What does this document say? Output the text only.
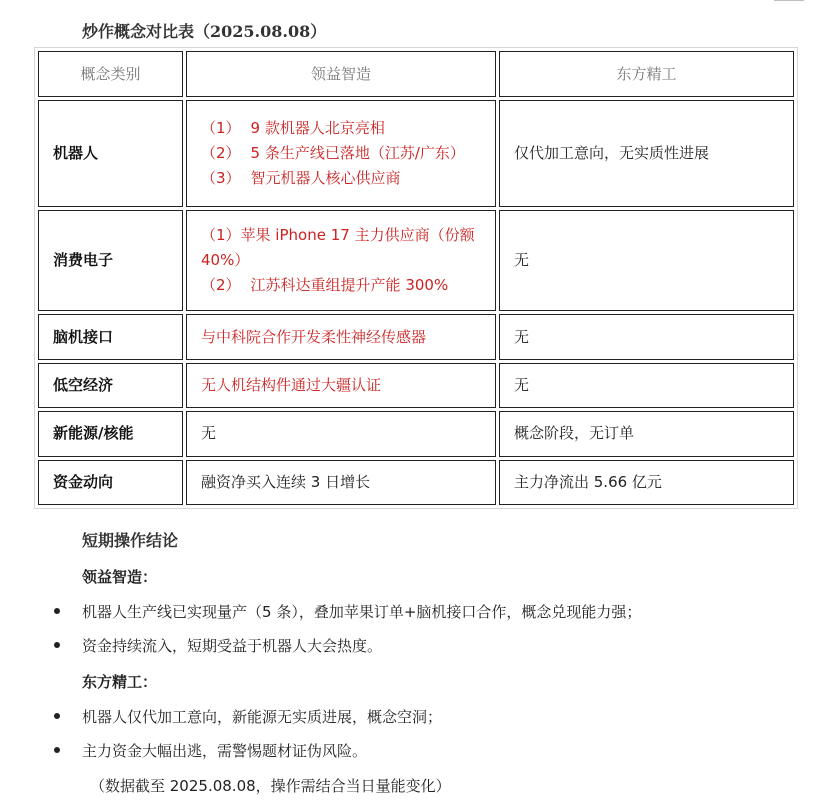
炒作概念对比表（2025.08.08）
概念类别	领益智造	东方精工
机器人	（1） 9 款机器人北京亮相
（2） 5 条生产线已落地（江苏/广东）
（3） 智元机器人核心供应商	仅代加工意向，无实质性进展
消费电子	（1）苹果 iPhone 17 主力供应商（份额 40%）
（2） 江苏科达重组提升产能 300%	无
脑机接口	与中科院合作开发柔性神经传感器	无
低空经济	无人机结构件通过大疆认证	无
新能源/核能	无	概念阶段，无订单
资金动向	融资净买入连续 3 日增长	主力净流出 5.66 亿元
短期操作结论
领益智造：
机器人生产线已实现量产（5 条），叠加苹果订单+脑机接口合作，概念兑现能力强；
资金持续流入，短期受益于机器人大会热度。
东方精工：
机器人仅代加工意向，新能源无实质进展，概念空洞；
主力资金大幅出逃，需警惕题材证伪风险。
（数据截至 2025.08.08，操作需结合当日量能变化）
